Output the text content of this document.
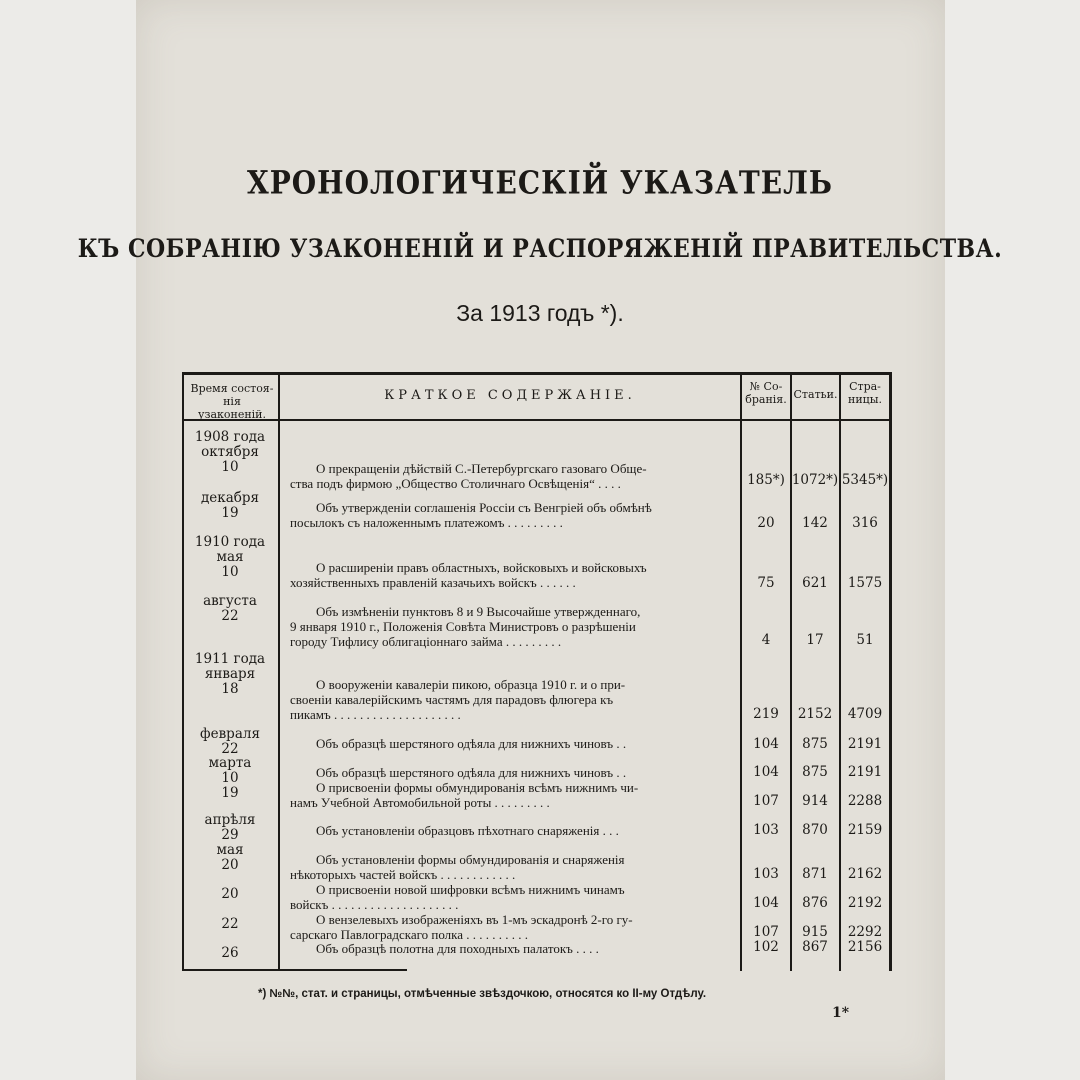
ХРОНОЛОГИЧЕСКІЙ УКАЗАТЕЛЬ
КЪ СОБРАНІЮ УЗАКОНЕНІЙ И РАСПОРЯЖЕНІЙ ПРАВИТЕЛЬСТВА.
За 1913 годъ *).
Время состоя- нія узаконеній.
КРАТКОЕ СОДЕРЖАНІЕ.
№ Со- бранія. Статьи.
Стра- ницы.
1908 года
октября
10	О прекращеніи дѣйствій С.-Петербургскаго газоваго Обще-
ства подъ фирмою „Общество Столичнаго Освѣщенія“ . . . .	185*) 1072*) 5345*)
декабря
19	Объ утвержденіи соглашенія Россіи съ Венгріей объ обмѣнѣ
посылокъ съ наложеннымъ платежомъ . . . . . . . . .	20	142	316
1910 года
мая
10	О расширеніи правъ областныхъ, войсковыхъ и войсковыхъ
хозяйственныхъ правленій казачьихъ войскъ . . . . . .	75	621	1575
августа
22	Объ измѣненіи пунктовъ 8 и 9 Высочайше утвержденнаго,
9 января 1910 г., Положенія Совѣта Министровъ о разрѣшеніи
городу Тифлису облигаціоннаго займа . . . . . . . . .	4	17	51
1911 года
января
18	О вооруженіи кавалеріи пикою, образца 1910 г. и о при-
своеніи кавалерійскимъ частямъ для парадовъ флюгера къ
пикамъ . . . . . . . . . . . . . . . . . . . .	219	2152	4709
февраля
22	Объ образцѣ шерстяного одѣяла для нижнихъ чиновъ . .	104	875	2191
марта
10	Объ образцѣ шерстяного одѣяла для нижнихъ чиновъ . .	104	875	2191
19	О присвоеніи формы обмундированія всѣмъ нижнимъ чи-
намъ Учебной Автомобильной роты . . . . . . . . .	107	914	2288
апрѣля
29	Объ установленіи образцовъ пѣхотнаго снаряженія . . .	103	870	2159
мая
20	Объ установленіи формы обмундированія и снаряженія
нѣкоторыхъ частей войскъ . . . . . . . . . . . .	103	871	2162
20	О присвоеніи новой шифровки всѣмъ нижнимъ чинамъ
войскъ . . . . . . . . . . . . . . . . . . . .	104	876	2192
22	О вензелевыхъ изображеніяхъ въ 1-мъ эскадронѣ 2-го гу-
сарскаго Павлоградскаго полка . . . . . . . . . .	107	915	2292
26	Объ образцѣ полотна для походныхъ палатокъ . . . .	102	867	2156
*) №№, стат. и страницы, отмѣченные звѣздочкою, относятся ко II-му Отдѣлу.
1*
